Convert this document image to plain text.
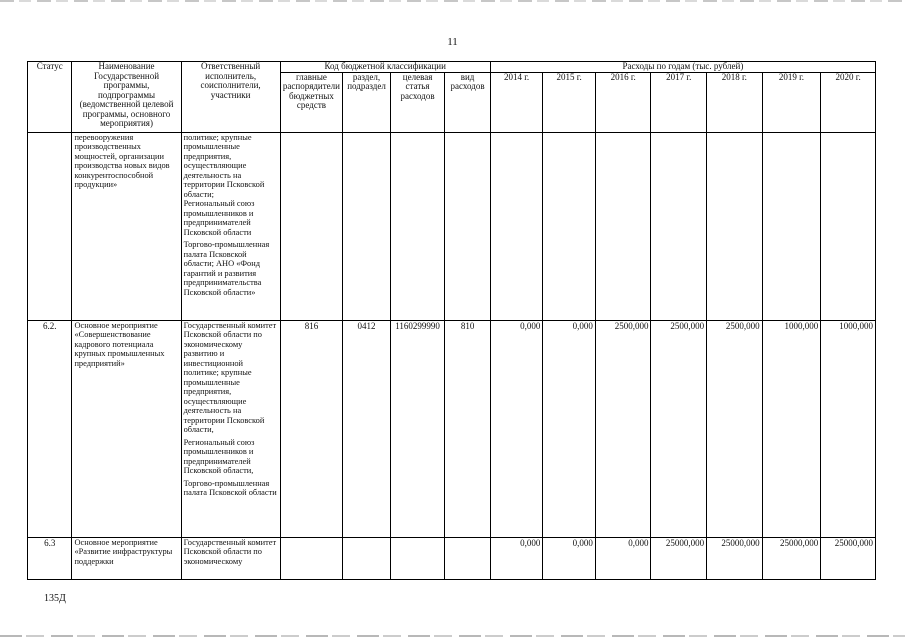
11
Статус	Наименование Государственной программы, подпрограммы (ведомственной целевой программы, основного мероприятия)	Ответственный исполнитель, соисполнители, участники	Код бюджетной классификации				Расходы по годам (тыс. рублей)						
			главные распорядители бюджетных средств	раздел, подраздел	целевая статья расходов	вид расходов	2014 г.	2015 г.	2016 г.	2017 г.	2018 г.	2019 г.	2020 г.
	перевооружения производственных мощностей, организации производства новых видов конкурентоспособной продукции»	политике; крупные промышленные предприятия, осуществляющие деятельность на территории Псковской области;
Региональный союз промышленников и предпринимателей Псковской области
Торгово-промышленная палата Псковской области; АНО «Фонд гарантий и развития предпринимательства Псковской области»											

6.2.	Основное мероприятие «Совершенствование кадрового потенциала крупных промышленных предприятий»	Государственный комитет Псковской области по экономическому развитию и инвестиционной политике; крупные промышленные предприятия, осуществляющие деятельность на территории Псковской области,
Региональный союз промышленников и предпринимателей Псковской области,
Торгово-промышленная палата Псковской области	816	0412	1160299990	810	0,000	0,000	2500,000	2500,000	2500,000	1000,000	1000,000
6.3	Основное мероприятие «Развитие инфраструктуры поддержки	Государственный комитет Псковской области по экономическому					0,000	0,000	0,000	25000,000	25000,000	25000,000	25000,000
135Д
